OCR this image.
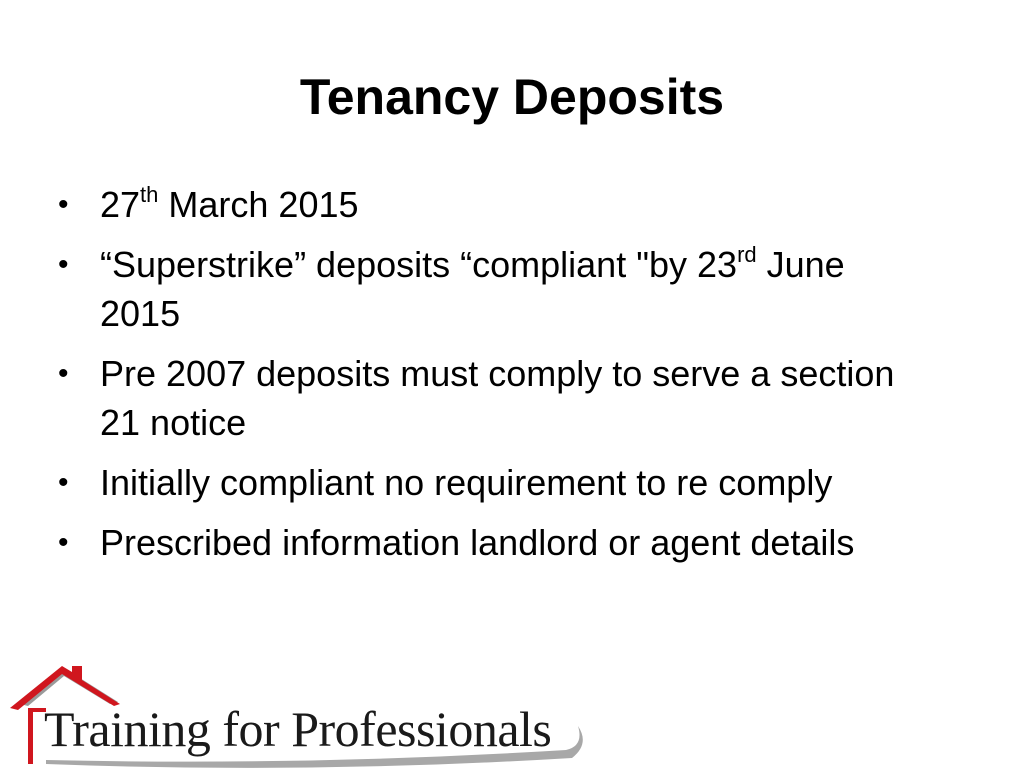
Tenancy Deposits
• 27th March 2015
• “Superstrike” deposits “compliant "by 23rd June 2015
• Pre 2007 deposits must comply to serve a section 21 notice
• Initially compliant no requirement to re comply
• Prescribed information landlord or agent details
Training for Professionals
